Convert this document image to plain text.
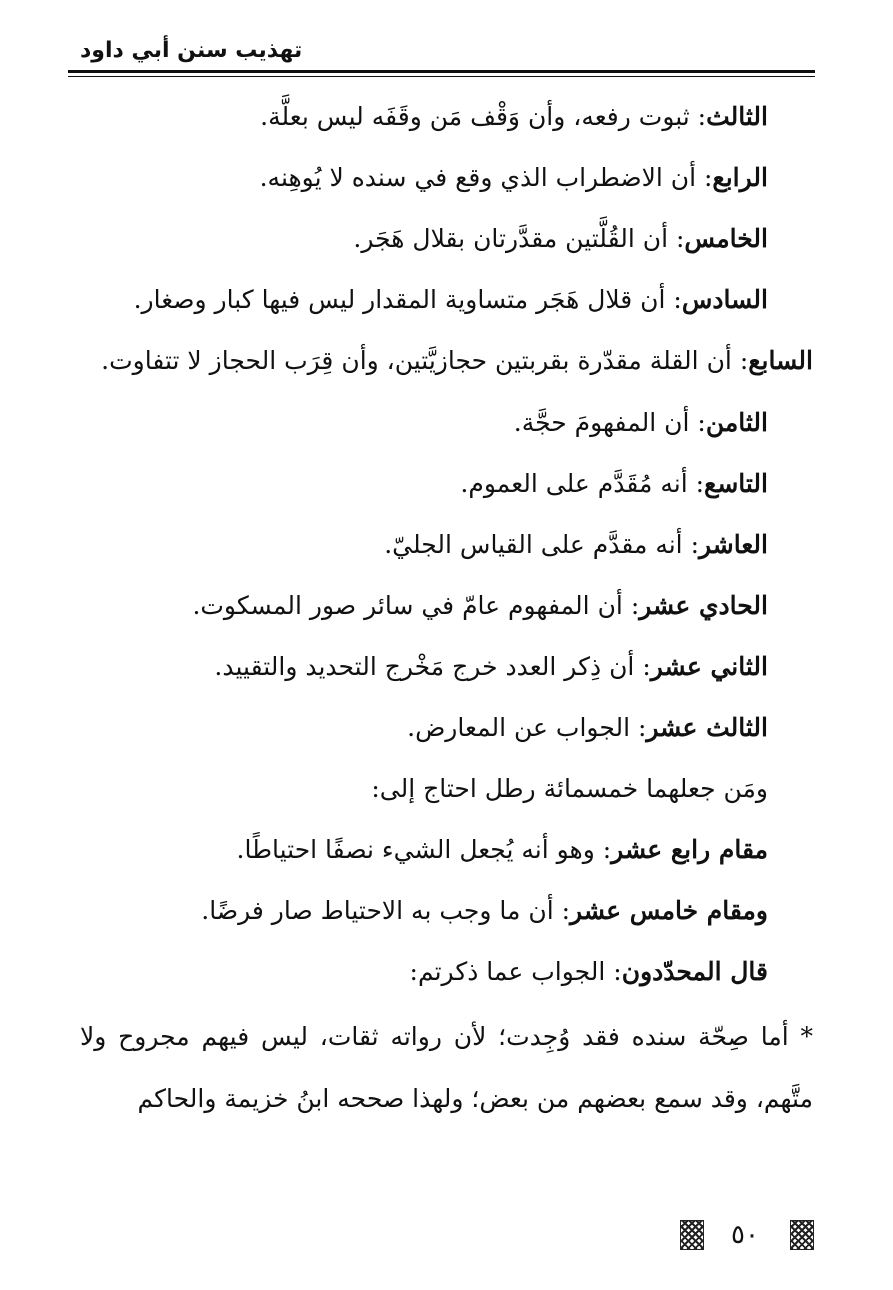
تهذيب سنن أبي داود

الثالث: ثبوت رفعه، وأن وَقْف مَن وقَفَه ليس بعلَّة.

الرابع: أن الاضطراب الذي وقع في سنده لا يُوهِنه.

الخامس: أن القُلَّتين مقدَّرتان بقلال هَجَر.

السادس: أن قلال هَجَر متساوية المقدار ليس فيها كبار وصغار.

السابع: أن القلة مقدّرة بقربتين حجازيَّتين، وأن قِرَب الحجاز لا تتفاوت.

الثامن: أن المفهومَ حجَّة.

التاسع: أنه مُقَدَّم على العموم.

العاشر: أنه مقدَّم على القياس الجليّ.

الحادي عشر: أن المفهوم عامّ في سائر صور المسكوت.

الثاني عشر: أن ذِكر العدد خرج مَخْرج التحديد والتقييد.

الثالث عشر: الجواب عن المعارض.

ومَن جعلهما خمسمائة رطل احتاج إلى:

مقام رابع عشر: وهو أنه يُجعل الشيء نصفًا احتياطًا.

ومقام خامس عشر: أن ما وجب به الاحتياط صار فرضًا.

قال المحدّدون: الجواب عما ذكرتم:

* أما صِحّة سنده فقد وُجِدت؛ لأن رواته ثقات، ليس فيهم مجروح ولا متَّهم، وقد سمع بعضهم من بعض؛ ولهذا صححه ابنُ خزيمة والحاكم

٥٠
